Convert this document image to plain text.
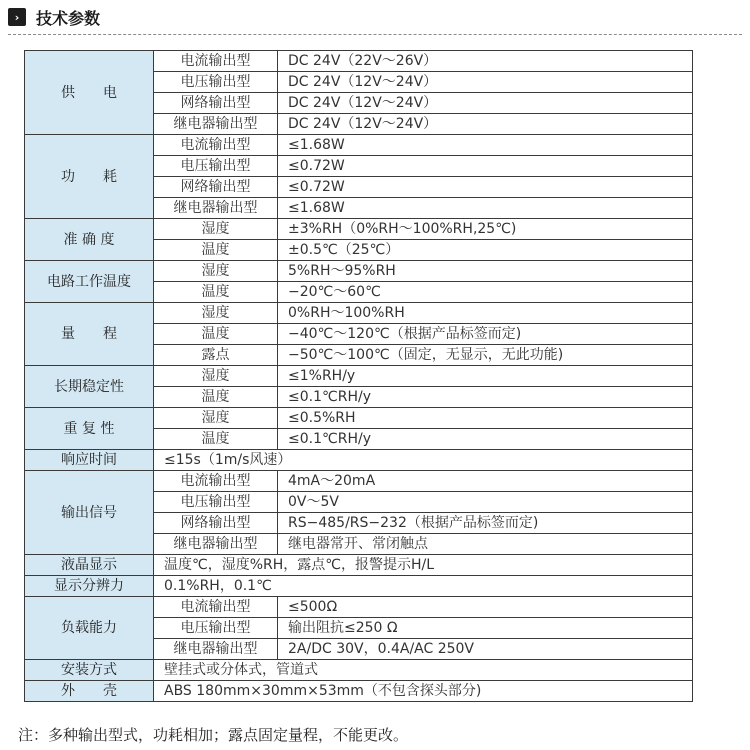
›	技术参数
供　　电	电流输出型	DC 24V（22V～26V）
	电压输出型	DC 24V（12V～24V）
	网络输出型	DC 24V（12V～24V）
	继电器输出型	DC 24V（12V～24V）
功　　耗	电流输出型	≤1.68W
	电压输出型	≤0.72W
	网络输出型	≤0.72W
	继电器输出型	≤1.68W
准 确 度	湿度	±3%RH（0%RH～100%RH,25℃)
	温度	±0.5℃（25℃）
电路工作温度	湿度	5%RH～95%RH
	温度	−20℃～60℃
量　　程	湿度	0%RH～100%RH
	温度	−40℃～120℃（根据产品标签而定)
	露点	−50℃～100℃（固定，无显示，无此功能)
长期稳定性	湿度	≤1%RH/y
	温度	≤0.1℃RH/y
重 复 性	湿度	≤0.5%RH
	温度	≤0.1℃RH/y
响应时间	≤15s（1m/s风速）	
输出信号	电流输出型	4mA～20mA
	电压输出型	0V～5V
	网络输出型	RS−485/RS−232（根据产品标签而定)
	继电器输出型	继电器常开、常闭触点
液晶显示	温度℃，湿度%RH，露点℃，报警提示H/L	
显示分辨力	0.1%RH，0.1℃	
负载能力	电流输出型	≤500Ω
	电压输出型	输出阻抗≤250 Ω
	继电器输出型	2A/DC 30V，0.4A/AC 250V
安装方式	壁挂式或分体式，管道式	
外　　壳	ABS 180mm×30mm×53mm（不包含探头部分)	
注：多种输出型式，功耗相加；露点固定量程，不能更改。
